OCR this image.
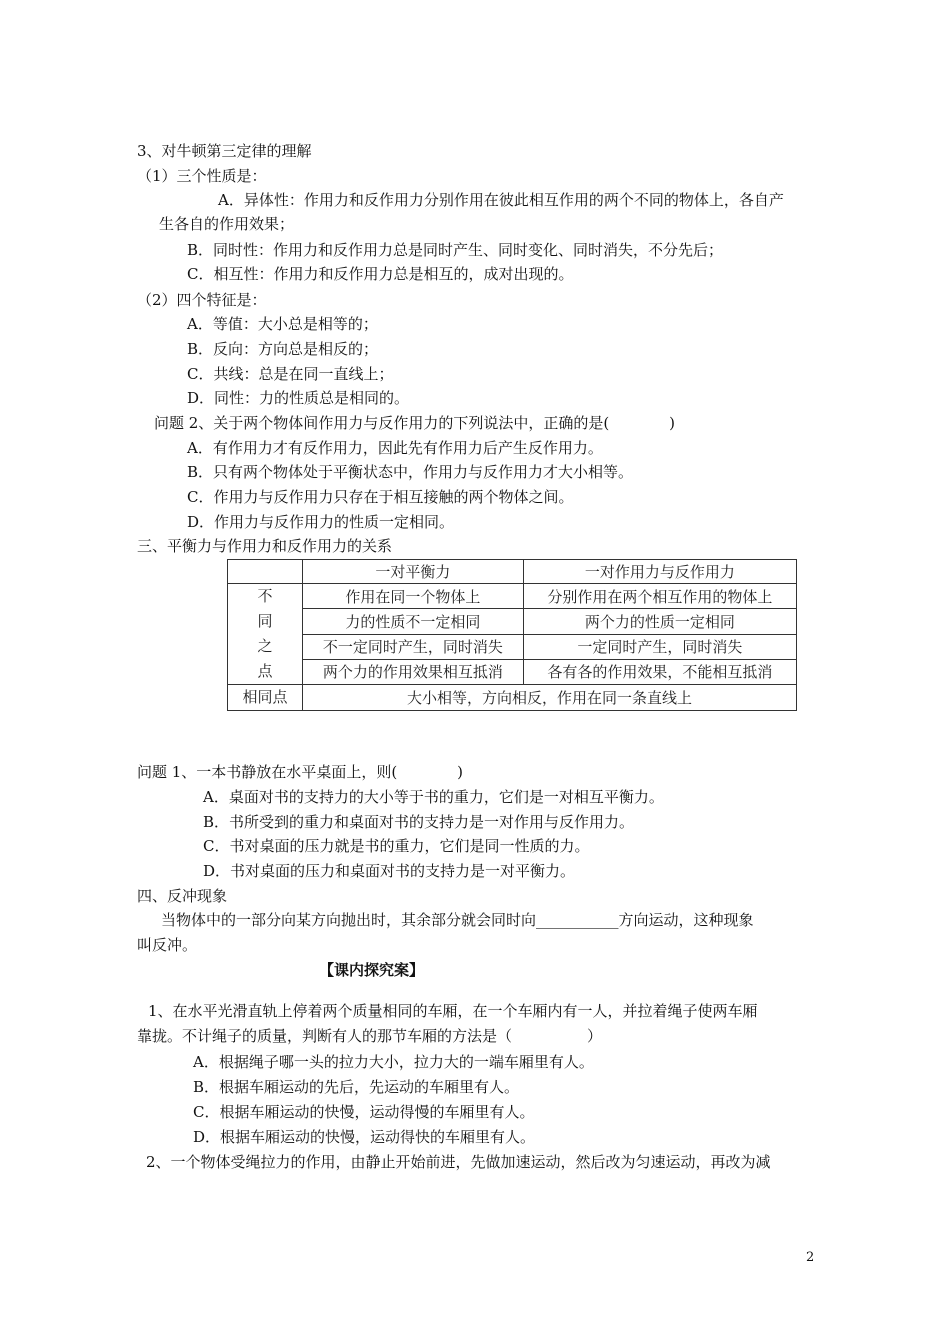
3、对牛顿第三定律的理解
（1）三个性质是：
A．异体性：作用力和反作用力分别作用在彼此相互作用的两个不同的物体上，各自产
生各自的作用效果；
B．同时性：作用力和反作用力总是同时产生、同时变化、同时消失，不分先后；
C．相互性：作用力和反作用力总是相互的，成对出现的。
（2）四个特征是：
A．等值：大小总是相等的；
B．反向：方向总是相反的；
C．共线：总是在同一直线上；
D．同性：力的性质总是相同的。
问题 2、关于两个物体间作用力与反作用力的下列说法中，正确的是(　　　　)
A．有作用力才有反作用力，因此先有作用力后产生反作用力。
B．只有两个物体处于平衡状态中，作用力与反作用力才大小相等。
C．作用力与反作用力只存在于相互接触的两个物体之间。
D．作用力与反作用力的性质一定相同。
三、平衡力与作用力和反作用力的关系
	一对平衡力	一对作用力与反作用力
不
同
之
点	作用在同一个物体上	分别作用在两个相互作用的物体上
	力的性质不一定相同	两个力的性质一定相同
	不一定同时产生，同时消失	一定同时产生，同时消失
	两个力的作用效果相互抵消	各有各的作用效果，不能相互抵消
相同点	大小相等，方向相反，作用在同一条直线上	
问题 1、一本书静放在水平桌面上，则(　　　　)
A．桌面对书的支持力的大小等于书的重力，它们是一对相互平衡力。
B．书所受到的重力和桌面对书的支持力是一对作用与反作用力。
C．书对桌面的压力就是书的重力，它们是同一性质的力。
D．书对桌面的压力和桌面对书的支持力是一对平衡力。
四、反冲现象
当物体中的一部分向某方向抛出时，其余部分就会同时向___________方向运动，这种现象
叫反冲。
【课内探究案】
1、在水平光滑直轨上停着两个质量相同的车厢，在一个车厢内有一人，并拉着绳子使两车厢
靠拢。不计绳子的质量，判断有人的那节车厢的方法是（　　　　　）
A．根据绳子哪一头的拉力大小，拉力大的一端车厢里有人。
B．根据车厢运动的先后，先运动的车厢里有人。
C．根据车厢运动的快慢，运动得慢的车厢里有人。
D．根据车厢运动的快慢，运动得快的车厢里有人。
2、一个物体受绳拉力的作用，由静止开始前进，先做加速运动，然后改为匀速运动，再改为减
2
